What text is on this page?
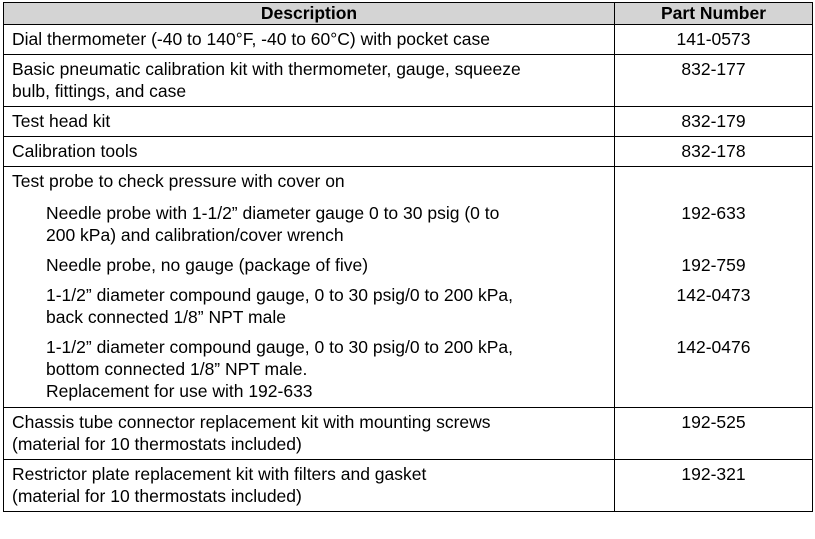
Description	Part Number

Dial thermometer (-40 to 140°F, -40 to 60°C) with pocket case	141-0573

Basic pneumatic calibration kit with thermometer, gauge, squeeze
bulb, fittings, and case	832-177

Test head kit	832-179

Calibration tools	832-178

Test probe to check pressure with cover on	

Needle probe with 1-1/2” diameter gauge 0 to 30 psig (0 to
200 kPa) and calibration/cover wrench	192-633

Needle probe, no gauge (package of five)	192-759

1-1/2” diameter compound gauge, 0 to 30 psig/0 to 200 kPa,
back connected 1/8” NPT male	142-0473

1-1/2” diameter compound gauge, 0 to 30 psig/0 to 200 kPa,
bottom connected 1/8” NPT male.
Replacement for use with 192-633	142-0476

Chassis tube connector replacement kit with mounting screws
(material for 10 thermostats included)	192-525

Restrictor plate replacement kit with filters and gasket
(material for 10 thermostats included)	192-321
